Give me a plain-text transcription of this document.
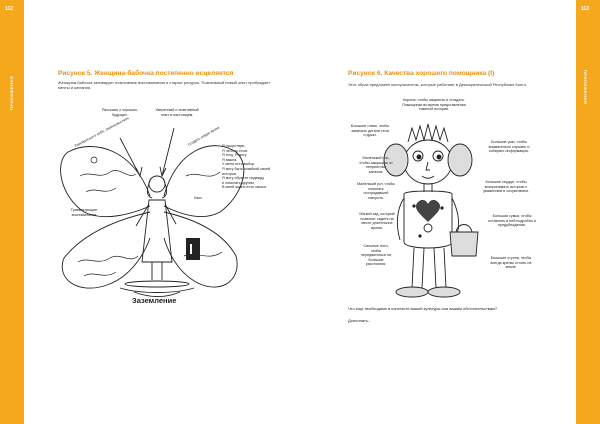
112
ПРИЛОЖЕНИЯ
113
ПРИЛОЖЕНИЯ
Рисунок 5. Женщина-бабочка постепенно исцеляется
Женщина-бабочка активирует позитивные воспоминания и старые ресурсы. Позитивный новый опыт пробуждает мечты и желания.
Рассказы о хороших, будущих.
Уверенный и позитивный опыт в настоящем.
Разобраться в себе, переосмыслить	Создать новую жизнь
Травмирующие воспоминания
Хаос
Заземление
Я существую.
Я чего-то стою.
Я хочу. Я могу.
Я важна.
У меня есть выбор.
Я могу быть хозяйкой своей
истории.
Я могу обрести надежду
и помогать другим.
В моей жизни есть смысл.
Рисунок 6. Качества хорошего помощника (I)
Этот образ предложен консультантом, которые работают в Демократической Республике Конго.
Корона, чтобы защитить и отгадать. Помощники во время представления тяжелой истории.
Большие глаза, чтобы замечать детали тела и души.
Большие уши, чтобы внимательно слушать и собирать информацию.
Маленький нос, чтобы защищать от неприятных запахов.
Маленький рот, чтобы помогать пострадавшей говорить.
Большое сердце, чтобы воспринимать историю с уважением и сочувствием.
Мягкий зад, который позволит сидеть на месте длительное время.
Большая сумка, чтобы оставлять в ней подробно и предубеждения.
Сильные ноги, чтобы передвигаться на большие расстояния.
Большие ступни, чтобы всегда крепко стоять на земле.
Что еще необходимо в контексте вашей культуры или вашим обстоятельствам?
Дополнить...
